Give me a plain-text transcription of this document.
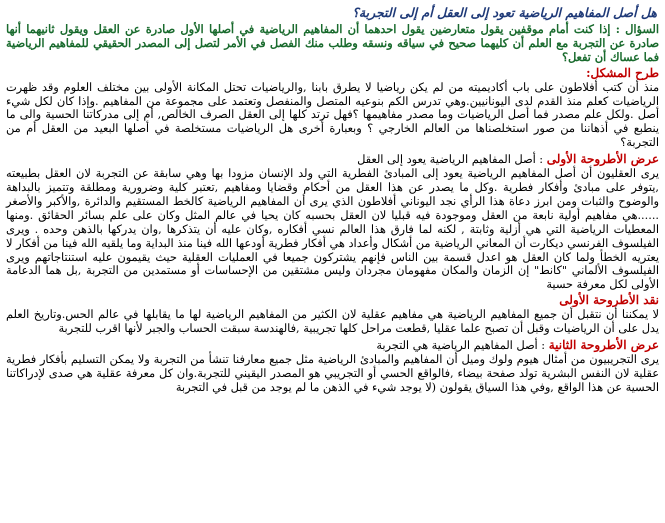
هل أصل المفاهيم الرياضية تعود إلى العقل أم إلى التجربة؟

السؤال : إذا كنت أمام موقفين يقول متعارضين يقول احدهما أن المفاهيم الرياضية في أصلها الأول صادرة عن العقل ويقول ثانيهما أنها صادرة عن التجربة مع العلم أن كليهما صحيح في سياقه ونسقه وطلب منك الفصل في الأمر لتصل إلى المصدر الحقيقي للمفاهيم الرياضية فما عساك أن تفعل؟

طرح المشكل:

منذ أن كتب أفلاطون على باب أكاديميته من لم يكن رياضيا لا يطرق بابنا ,والرياضيات تحتل المكانة الأولى بين مختلف العلوم وقد ظهرت الرياضيات كعلم منذ القدم لدى اليونانيين.وهي تدرس الكم بنوعيه المتصل والمنفصل وتعتمد على مجموعة من المفاهيم .وإذا كان لكل شيء أصل .ولكل علم مصدر فما أصل الرياضيات وما مصدر مفاهيمها ؟فهل ترتد كلها إلى العقل الصرف الخالص, أم إلى مدركاتنا الحسية والى ما ينطبع في أذهاننا من صور استخلصناها من العالم الخارجي ؟ وبعبارة أخرى هل الرياضيات مستخلصة في أصلها البعيد من العقل أم من التجربة؟

عرض الأطروحة الأولى : أصل المفاهيم الرياضية يعود إلى العقل

يرى العقليون أن أصل المفاهيم الرياضية يعود إلى المبادئ الفطرية التي ولد الإنسان مزودا بها وهي سابقة عن التجربة لان العقل بطبيعته ,يتوفر على مبادئ وأفكار فطرية .وكل ما يصدر عن هذا العقل من أحكام وقضايا ومفاهيم ,تعتبر كلية وضرورية ومطلقة وتتميز بالبداهة والوضوح والثبات ومن ابرز دعاة هذا الرأي نجد اليوناني أفلاطون الذي يرى أن المفاهيم الرياضية كالخط المستقيم والدائرة ,والأكبر والأصغر ......هي مفاهيم أولية نابعة من العقل وموجودة فيه قبليا لان العقل بحسبه كان يحيا في عالم المثل وكان على علم بسائر الحقائق .ومنها المعطيات الرياضية التي هي أزلية وثابتة , لكنه لما فارق هذا العالم نسي أفكاره ,وكان عليه أن يتذكرها ,وان يدركها بالذهن وحده . ويرى الفيلسوف الفرنسي ديكارت أن المعاني الرياضية من أشكال وأعداد هي أفكار فطرية أودعها الله فينا منذ البداية وما يلقيه الله فينا من أفكار لا يعتريه الخطأ ولما كان العقل هو اعدل قسمة بين الناس فإنهم يشتركون جميعا في العمليات العقلية حيث يقيمون عليه استنتاجاتهم ويرى الفيلسوف الألماني "كانط" إن الزمان والمكان مفهومان مجردان وليس مشتقين من الإحساسات أو مستمدين من التجربة ,بل هما الدعامة الأولى لكل معرفة حسية

نقد الأطروحة الأولى

لا يمكننا أن نتقبل أن جميع المفاهيم الرياضية هي مفاهيم عقلية لان الكثير من المفاهيم الرياضية لها ما يقابلها في عالم الحس.وتاريخ العلم يدل على أن الرياضيات وقبل أن تصبح علما عقليا ,قطعت مراحل كلها تجريبية ,فالهندسة سبقت الحساب والجبر لأنها اقرب للتجربة

عرض الأطروحة الثانية : أصل المفاهيم الرياضية هي التجربة

يرى التجريبيون من أمثال هيوم ولوك وميل أن المفاهيم والمبادئ الرياضية مثل جميع معارفنا تنشأ من التجربة ولا يمكن التسليم بأفكار فطرية عقلية لان النفس البشرية تولد صفحة بيضاء ,فالواقع الحسي أو التجريبي هو المصدر اليقيني للتجربة.وان كل معرفة عقلية هي صدى لإدراكاتنا الحسية عن هذا الواقع ,وفي هذا السياق يقولون (لا يوجد شيء في الذهن ما لم يوجد من قبل في التجربة
